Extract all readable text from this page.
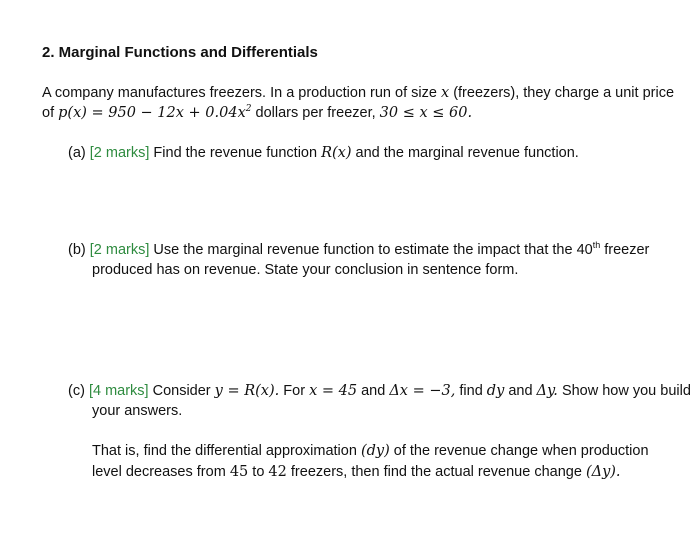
2. Marginal Functions and Differentials
A company manufactures freezers. In a production run of size x (freezers), they charge a unit price of $p(x) = 950 - 12x + 0.04x^2$ dollars per freezer, 30 ≤ x ≤ 60.
(a) [2 marks] Find the revenue function R(x) and the marginal revenue function.
(b) [2 marks] Use the marginal revenue function to estimate the impact that the 40th freezer produced has on revenue. State your conclusion in sentence form.
(c) [4 marks] Consider y = R(x). For x = 45 and Δx = −3, find dy and Δy. Show how you build your answers.
That is, find the differential approximation (dy) of the revenue change when production level decreases from 45 to 42 freezers, then find the actual revenue change (Δy).
